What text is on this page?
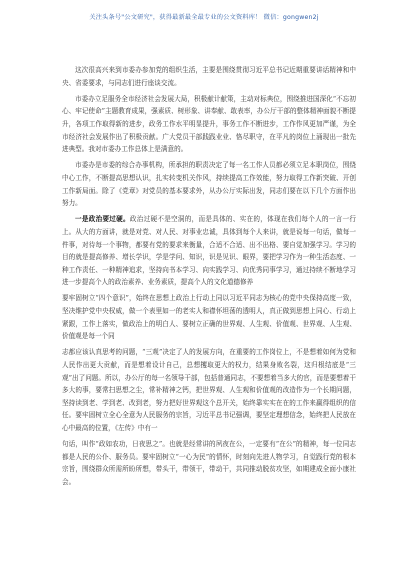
关注头条号"公文研究"，获得最新最全最专业的公文资料库！ 微信：gongwen2j

这次很高兴来到市委办参加党的组织生活，主要是围绕贯彻习近平总书记近期重要讲话精神和中央、省委要求，与同志们进行座谈交流。

市委办立足服务全市经济社会发展大局，积极献计献策，主动对标典位，围绕推进国深化“不忘初心、牢记使命”主题教育成果，强素质、树形象、讲奉献、敢表率，办公厅干部的整体精神面貌不断提升，各项工作取得新的进步，政务工作水平明显提升，事务工作不断进步，工作作风更加严谨，为全市经济社会发展作出了积极贡献。广大党员干部践践业业、恪尽职守，在平凡的岗位上涌现出一批先进典型。我对市委办工作总体上是满意的。

市委办是市委的综合办事机构，所承担的职责决定了每一名工作人员都必须立足本职岗位，围绕中心工作，不断提高思想认识，扎实转变机关作风，持续提高工作效能，努力取得工作新突破、开创工作新局面。除了《党章》对党员的基本要求外，从办公厅实际出发，同志们要在以下几个方面作出努力。

一是政治要过硬。政治过硬不是空洞的，而是具体的、实在的，体现在我们每个人的一言一行上。从大的方面讲，就是对党、对人民、对事业忠诚，具体到每个人来讲，就是说每一句话，做每一件事，对待每一个事物，都要有党的要求来衡量，合适不合适、出不出格、要自觉加强学习。学习的目的就是提高修养、增长学识，学是学问、知识，识是见识、眼界，要把学习作为一种生活态度、一种工作责任、一种精神追求，坚持向书本学习、向实践学习、向优秀同事学习，通过持续不断地学习进一步提高个人的政治素养、业务素质，提高个人的文化道德修养

要牢固树立“四个意识”，始终在思想上政治上行动上同以习近平同志为核心的党中央保持高度一致，坚决维护党中央权威，做一个表里如一的老实人和襟怀坦荡的透明人，真正做到思想上同心、行动上紧跟，工作上落实，做政治上的明白人、要树立正确的世界观、人生观、价值观、世界观、人生观、价值观是每一个同

志都应该认真思考的问题，“三观”决定了人的发展方向，在重要的工作岗位上，不是想着如何为党和人民作出更大贡献，而是想着设计自己，总想攫取更大的权力，结果身败名裂，这归根结底是“三观”出了问题。所以，办公厅的每一名领导干部，包括普通同志，不要想着当多大的官，而是要想着干多大的事，要常扫思想之尘，常补精神之钙，把世界观、人生观和价值观的改造作为一个长期问题，坚持读到老、学到老、改到老，努力把好世界观这个总开关，始终靠实实在在的工作来赢得组织的信任。要牢固树立全心全意为人民服务的宗旨，习近平总书记强调，要坚定理想信念，始终把人民放在心中最高的位置，《左传》中有一

句话，叫作“政如农功，日夜思之”。也就是经常讲的夙夜在公，一定要有“在公”的精神，每一位同志都是人民的公仆、服务员。要牢固树立“一心为民”的情怀，时刻向先进人物学习，自觉践行党的根本宗旨，围绕群众所需所盼所想，带头干，带领干，带动干，共同推动脱贫攻坚，如期建成全面小康社会。
